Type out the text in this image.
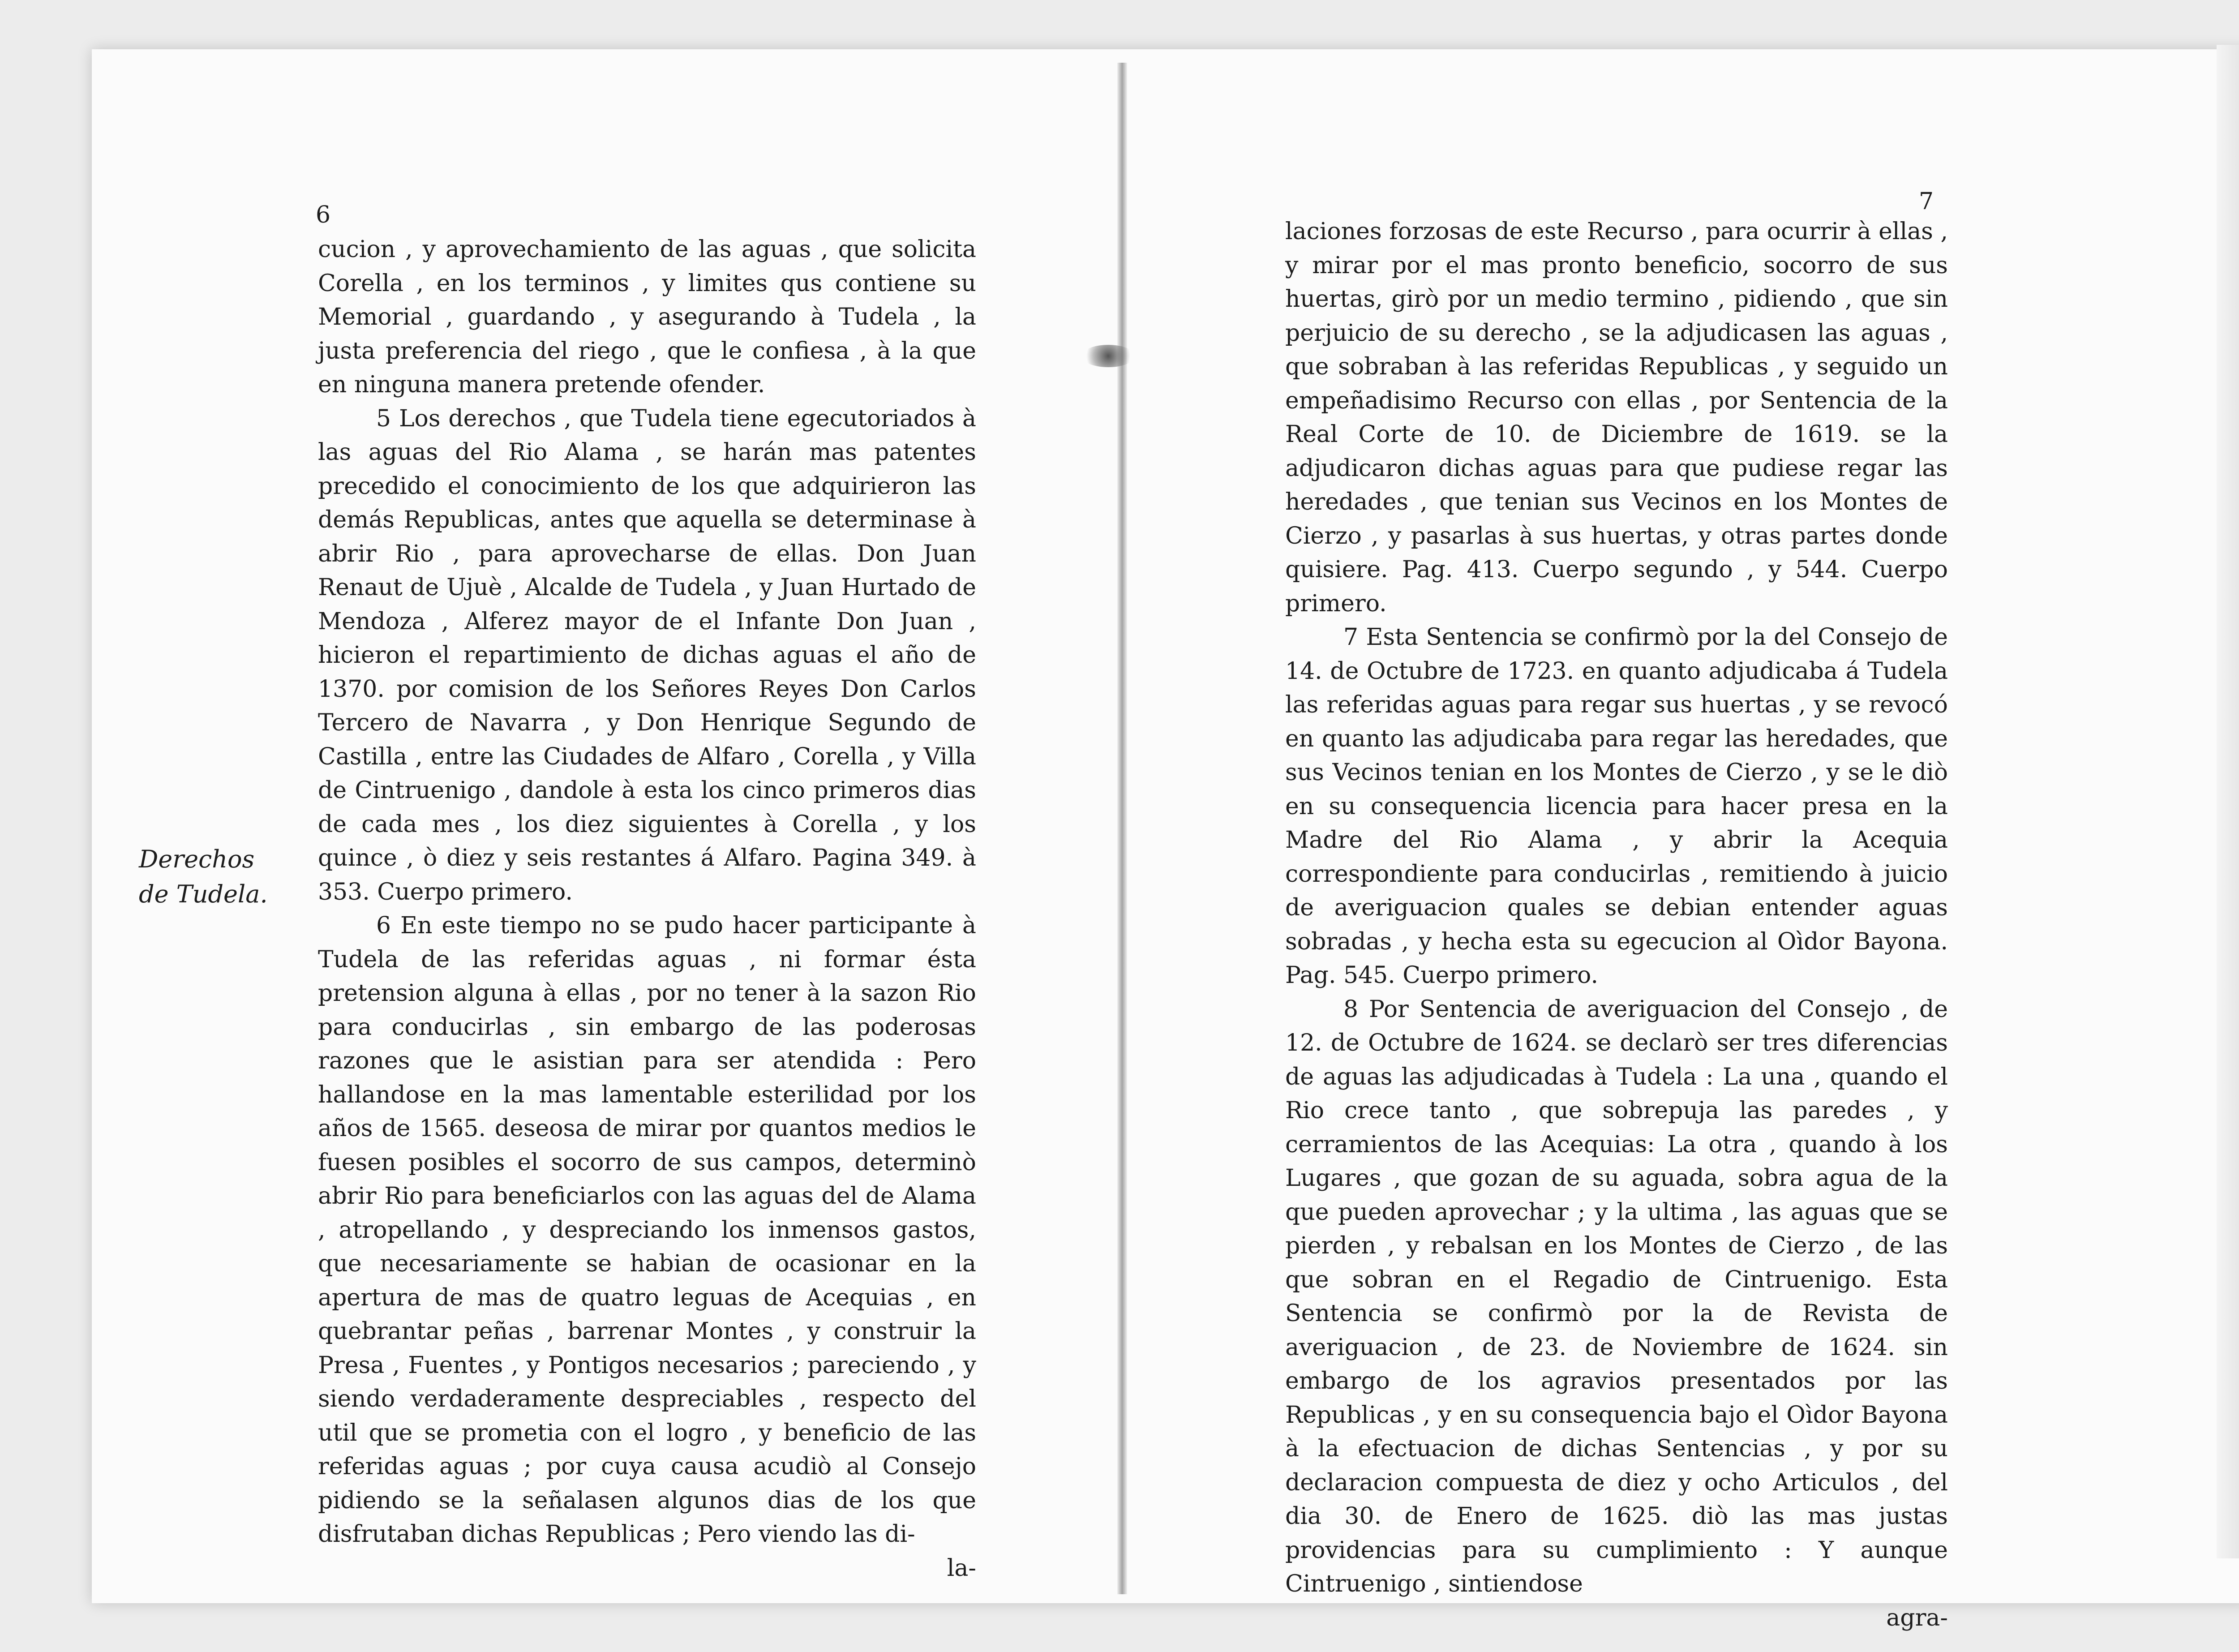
6
Derechos de Tudela.

cucion , y aprovechamiento de las aguas , que solicita Corella , en los terminos , y limites qus contiene su Memorial , guardando , y asegurando à Tudela , la justa preferencia del riego , que le confiesa , à la que en ninguna manera pretende ofender.

5 Los derechos , que Tudela tiene egecutoriados à las aguas del Rio Alama , se harán mas patentes precedido el conocimiento de los que adquirieron las demás Republicas, antes que aquella se determinase à abrir Rio , para aprovecharse de ellas. Don Juan Renaut de Ujuè , Alcalde de Tudela , y Juan Hurtado de Mendoza , Alferez mayor de el Infante Don Juan , hicieron el repartimiento de dichas aguas el año de 1370. por comision de los Señores Reyes Don Carlos Tercero de Navarra , y Don Henrique Segundo de Castilla , entre las Ciudades de Alfaro , Corella , y Villa de Cintruenigo , dandole à esta los cinco primeros dias de cada mes , los diez siguientes à Corella , y los quince , ò diez y seis restantes á Alfaro. Pagina 349. à 353. Cuerpo primero.

6 En este tiempo no se pudo hacer participante à Tudela de las referidas aguas , ni formar ésta pretension alguna à ellas , por no tener à la sazon Rio para conducirlas , sin embargo de las poderosas razones que le asistian para ser atendida : Pero hallandose en la mas lamentable esterilidad por los años de 1565. deseosa de mirar por quantos medios le fuesen posibles el socorro de sus campos, determinò abrir Rio para beneficiarlos con las aguas del de Alama , atropellando , y despreciando los inmensos gastos, que necesariamente se habian de ocasionar en la apertura de mas de quatro leguas de Acequias , en quebrantar peñas , barrenar Montes , y construir la Presa , Fuentes , y Pontigos necesarios ; pareciendo , y siendo verdaderamente despreciables , respecto del util que se prometia con el logro , y beneficio de las referidas aguas ; por cuya causa acudiò al Consejo pidiendo se la señalasen algunos dias de los que disfrutaban dichas Republicas ; Pero viendo las di-

la-

7

laciones forzosas de este Recurso , para ocurrir à ellas , y mirar por el mas pronto beneficio, socorro de sus huertas, girò por un medio termino , pidiendo , que sin perjuicio de su derecho , se la adjudicasen las aguas , que sobraban à las referidas Republicas , y seguido un empeñadisimo Recurso con ellas , por Sentencia de la Real Corte de 10. de Diciembre de 1619. se la adjudicaron dichas aguas para que pudiese regar las heredades , que tenian sus Vecinos en los Montes de Cierzo , y pasarlas à sus huertas, y otras partes donde quisiere. Pag. 413. Cuerpo segundo , y 544. Cuerpo primero.

7 Esta Sentencia se confirmò por la del Consejo de 14. de Octubre de 1723. en quanto adjudicaba á Tudela las referidas aguas para regar sus huertas , y se revocó en quanto las adjudicaba para regar las heredades, que sus Vecinos tenian en los Montes de Cierzo , y se le diò en su consequencia licencia para hacer presa en la Madre del Rio Alama , y abrir la Acequia correspondiente para conducirlas , remitiendo à juicio de averiguacion quales se debian entender aguas sobradas , y hecha esta su egecucion al Oìdor Bayona. Pag. 545. Cuerpo primero.

8 Por Sentencia de averiguacion del Consejo , de 12. de Octubre de 1624. se declarò ser tres diferencias de aguas las adjudicadas à Tudela : La una , quando el Rio crece tanto , que sobrepuja las paredes , y cerramientos de las Acequias: La otra , quando à los Lugares , que gozan de su aguada, sobra agua de la que pueden aprovechar ; y la ultima , las aguas que se pierden , y rebalsan en los Montes de Cierzo , de las que sobran en el Regadio de Cintruenigo. Esta Sentencia se confirmò por la de Revista de averiguacion , de 23. de Noviembre de 1624. sin embargo de los agravios presentados por las Republicas , y en su consequencia bajo el Oìdor Bayona à la efectuacion de dichas Sentencias , y por su declaracion compuesta de diez y ocho Articulos , del dia 30. de Enero de 1625. diò las mas justas providencias para su cumplimiento : Y aunque Cintruenigo , sintiendose

agra-
